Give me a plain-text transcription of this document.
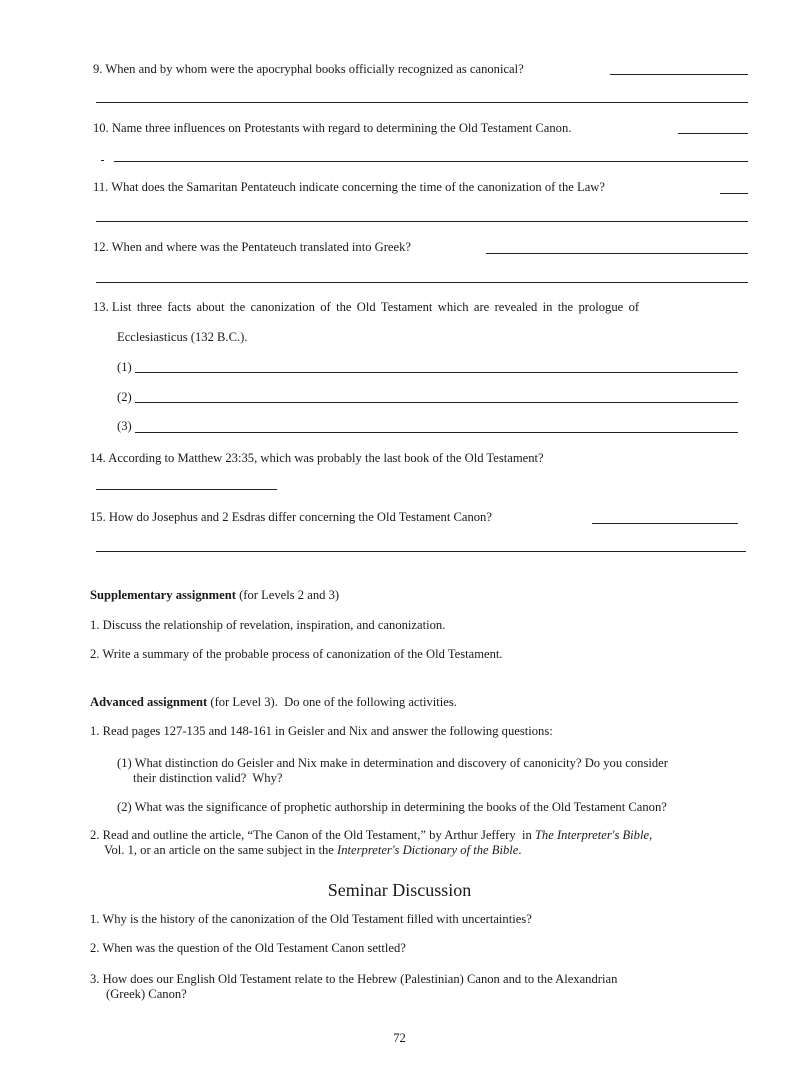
9. When and by whom were the apocryphal books officially recognized as canonical?
10. Name three influences on Protestants with regard to determining the Old Testament Canon.
11. What does the Samaritan Pentateuch indicate concerning the time of the canonization of the Law?
12. When and where was the Pentateuch translated into Greek?
13. List three facts about the canonization of the Old Testament which are revealed in the prologue of
Ecclesiasticus (132 B.C.).
(1)
(2)
(3)
14. According to Matthew 23:35, which was probably the last book of the Old Testament?
15. How do Josephus and 2 Esdras differ concerning the Old Testament Canon?
Supplementary assignment (for Levels 2 and 3)
1. Discuss the relationship of revelation, inspiration, and canonization.
2. Write a summary of the probable process of canonization of the Old Testament.
Advanced assignment (for Level 3).  Do one of the following activities.
1. Read pages 127-135 and 148-161 in Geisler and Nix and answer the following questions:
(1) What distinction do Geisler and Nix make in determination and discovery of canonicity? Do you consider
their distinction valid?  Why?
(2) What was the significance of prophetic authorship in determining the books of the Old Testament Canon?
2. Read and outline the article, “The Canon of the Old Testament,” by Arthur Jeffery  in The Interpreter's Bible,
Vol. 1, or an article on the same subject in the Interpreter's Dictionary of the Bible.
Seminar Discussion
1. Why is the history of the canonization of the Old Testament filled with uncertainties?
2. When was the question of the Old Testament Canon settled?
3. How does our English Old Testament relate to the Hebrew (Palestinian) Canon and to the Alexandrian
(Greek) Canon?
72
